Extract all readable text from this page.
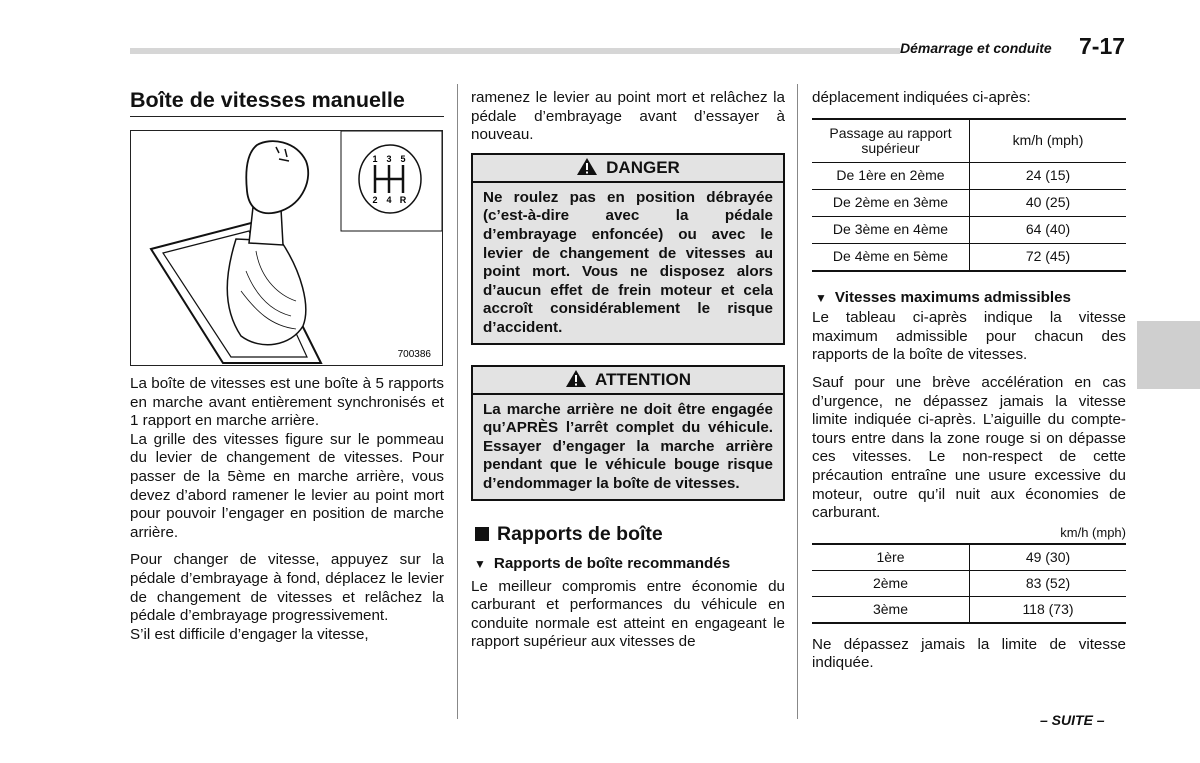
Démarrage et conduite 7-17
Boîte de vitesses manuelle
1 3 5
2 4 R
700386

La boîte de vitesses est une boîte à 5 rapports en marche avant entièrement synchronisés et 1 rapport en marche arrière.

La grille des vitesses figure sur le pommeau du levier de changement de vitesses. Pour passer de la 5ème en marche arrière, vous devez d’abord ramener le levier au point mort pour pouvoir l’engager en position de marche arrière.

Pour changer de vitesse, appuyez sur la pédale d’embrayage à fond, déplacez le levier de changement de vitesses et relâchez la pédale d’embrayage progressivement.

S’il est difficile d’engager la vitesse,

ramenez le levier au point mort et relâchez la pédale d’embrayage avant d’essayer à nouveau.

DANGER
Ne roulez pas en position débrayée (c’est-à-dire avec la pédale d’embrayage enfoncée) ou avec le levier de changement de vitesses au point mort. Vous ne disposez alors d’aucun effet de frein moteur et cela accroît considérablement le risque d’accident.
ATTENTION
La marche arrière ne doit être engagée qu’APRÈS l’arrêt complet du véhicule. Essayer d’engager la marche arrière pendant que le véhicule bouge risque d’endommager la boîte de vitesses.
Rapports de boîte
▼ Rapports de boîte recommandés

Le meilleur compromis entre économie du carburant et performances du véhicule en conduite normale est atteint en engageant le rapport supérieur aux vitesses de

déplacement indiquées ci-après:

Passage au rapport supérieur	km/h (mph)
De 1ère en 2ème	24 (15)
De 2ème en 3ème	40 (25)
De 3ème en 4ème	64 (40)
De 4ème en 5ème	72 (45)
▼ Vitesses maximums admissibles

Le tableau ci-après indique la vitesse maximum admissible pour chacun des rapports de la boîte de vitesses.

Sauf pour une brève accélération en cas d’urgence, ne dépassez jamais la vitesse limite indiquée ci-après. L’aiguille du compte-tours entre dans la zone rouge si on dépasse ces vitesses. Le non-respect de cette précaution entraîne une usure excessive du moteur, outre qu’il nuit aux économies de carburant.

km/h (mph)
1ère	49 (30)
2ème	83 (52)
3ème	118 (73)

Ne dépassez jamais la limite de vitesse indiquée.

– SUITE –
